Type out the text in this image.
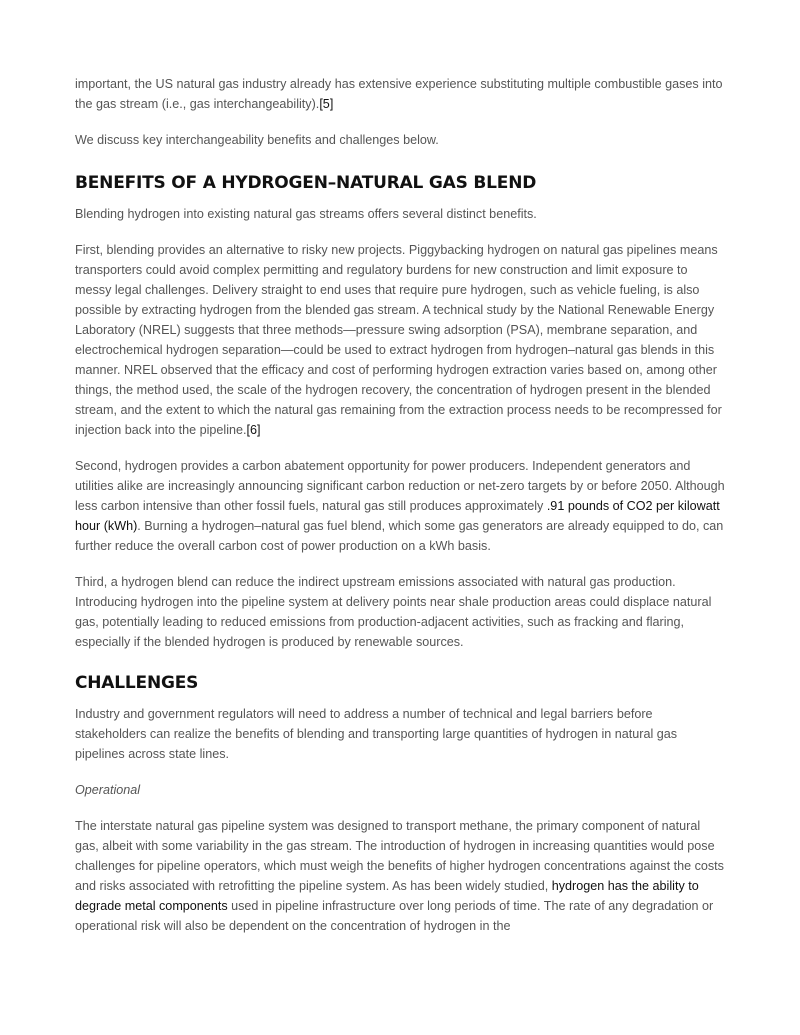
important, the US natural gas industry already has extensive experience substituting multiple combustible gases into the gas stream (i.e., gas interchangeability).[5]

We discuss key interchangeability benefits and challenges below.

BENEFITS OF A HYDROGEN–NATURAL GAS BLEND

Blending hydrogen into existing natural gas streams offers several distinct benefits.

First, blending provides an alternative to risky new projects. Piggybacking hydrogen on natural gas pipelines means transporters could avoid complex permitting and regulatory burdens for new construction and limit exposure to messy legal challenges. Delivery straight to end uses that require pure hydrogen, such as vehicle fueling, is also possible by extracting hydrogen from the blended gas stream. A technical study by the National Renewable Energy Laboratory (NREL) suggests that three methods—pressure swing adsorption (PSA), membrane separation, and electrochemical hydrogen separation—could be used to extract hydrogen from hydrogen–natural gas blends in this manner. NREL observed that the efficacy and cost of performing hydrogen extraction varies based on, among other things, the method used, the scale of the hydrogen recovery, the concentration of hydrogen present in the blended stream, and the extent to which the natural gas remaining from the extraction process needs to be recompressed for injection back into the pipeline.[6]

Second, hydrogen provides a carbon abatement opportunity for power producers. Independent generators and utilities alike are increasingly announcing significant carbon reduction or net-zero targets by or before 2050. Although less carbon intensive than other fossil fuels, natural gas still produces approximately .91 pounds of CO2 per kilowatt hour (kWh). Burning a hydrogen–natural gas fuel blend, which some gas generators are already equipped to do, can further reduce the overall carbon cost of power production on a kWh basis.

Third, a hydrogen blend can reduce the indirect upstream emissions associated with natural gas production. Introducing hydrogen into the pipeline system at delivery points near shale production areas could displace natural gas, potentially leading to reduced emissions from production-adjacent activities, such as fracking and flaring, especially if the blended hydrogen is produced by renewable sources.

CHALLENGES

Industry and government regulators will need to address a number of technical and legal barriers before stakeholders can realize the benefits of blending and transporting large quantities of hydrogen in natural gas pipelines across state lines.

Operational

The interstate natural gas pipeline system was designed to transport methane, the primary component of natural gas, albeit with some variability in the gas stream. The introduction of hydrogen in increasing quantities would pose challenges for pipeline operators, which must weigh the benefits of higher hydrogen concentrations against the costs and risks associated with retrofitting the pipeline system. As has been widely studied, hydrogen has the ability to degrade metal components used in pipeline infrastructure over long periods of time. The rate of any degradation or operational risk will also be dependent on the concentration of hydrogen in the
